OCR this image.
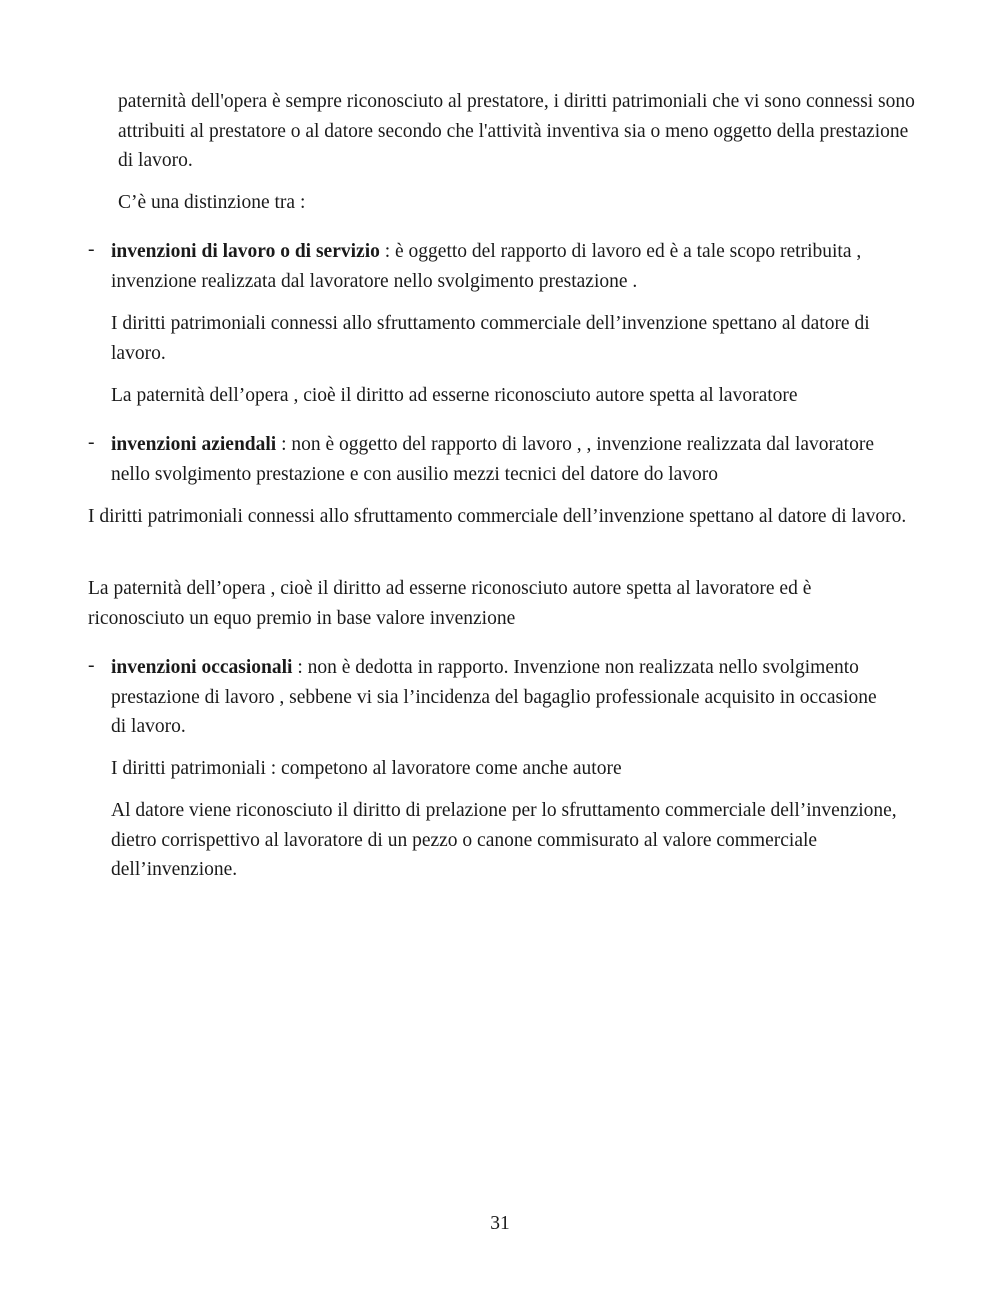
paternità dell'opera è sempre riconosciuto al prestatore, i diritti patrimoniali che vi sono connessi sono attribuiti al prestatore o al datore secondo che l'attività inventiva sia o meno oggetto della prestazione di lavoro.

C’è una distinzione tra :

- invenzioni di lavoro o di servizio : è oggetto del rapporto di lavoro ed è a tale scopo retribuita , invenzione realizzata dal lavoratore nello svolgimento prestazione .

I diritti patrimoniali connessi allo sfruttamento commerciale dell’invenzione spettano al datore di lavoro.

La paternità dell’opera , cioè il diritto ad esserne riconosciuto autore spetta al lavoratore

- invenzioni aziendali : non è oggetto del rapporto di lavoro , , invenzione realizzata dal lavoratore nello svolgimento prestazione e con ausilio mezzi tecnici del datore do lavoro

I diritti patrimoniali connessi allo sfruttamento commerciale dell’invenzione spettano al datore di lavoro.

La paternità dell’opera , cioè il diritto ad esserne riconosciuto autore spetta al lavoratore ed è riconosciuto un equo premio in base valore invenzione

- invenzioni occasionali : non è dedotta in rapporto. Invenzione non realizzata nello svolgimento prestazione di lavoro , sebbene vi sia l’incidenza del bagaglio professionale acquisito in occasione di lavoro.

I diritti patrimoniali : competono al lavoratore come anche autore

Al datore viene riconosciuto il diritto di prelazione per lo sfruttamento commerciale dell’invenzione, dietro corrispettivo al lavoratore di un pezzo o canone commisurato al valore commerciale dell’invenzione.

31
